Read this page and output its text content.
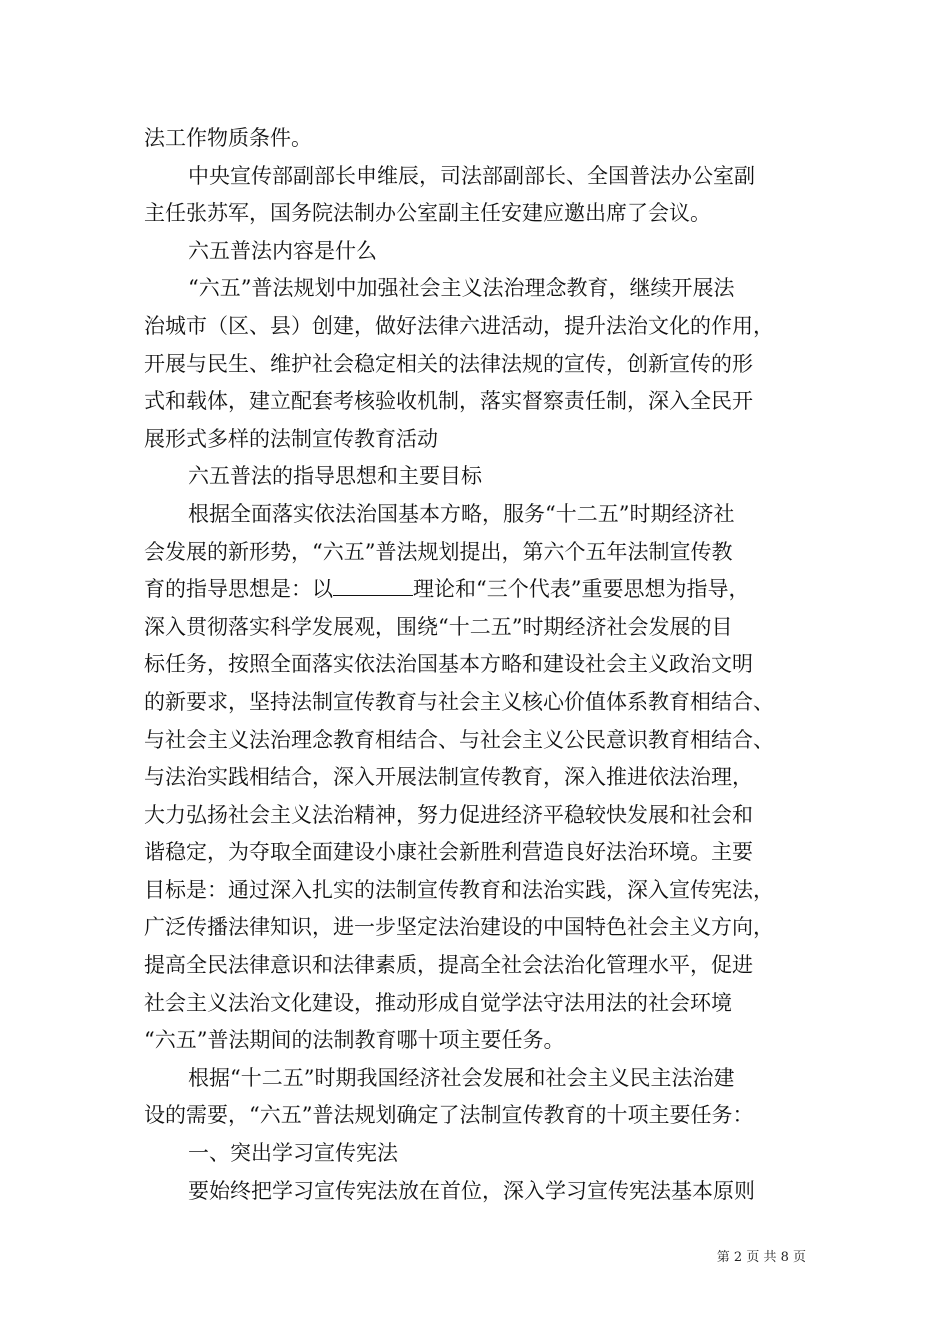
法工作物质条件。
中央宣传部副部长申维辰，司法部副部长、全国普法办公室副
主任张苏军，国务院法制办公室副主任安建应邀出席了会议。
六五普法内容是什么
“六五”普法规划中加强社会主义法治理念教育，继续开展法
治城市（区、县）创建，做好法律六进活动，提升法治文化的作用，
开展与民生、维护社会稳定相关的法律法规的宣传，创新宣传的形
式和载体，建立配套考核验收机制，落实督察责任制，深入全民开
展形式多样的法制宣传教育活动
六五普法的指导思想和主要目标
根据全面落实依法治国基本方略，服务“十二五”时期经济社
会发展的新形势，“六五”普法规划提出，第六个五年法制宣传教
育的指导思想是：以	理论和“三个代表”重要思想为指导，
深入贯彻落实科学发展观，围绕“十二五”时期经济社会发展的目
标任务，按照全面落实依法治国基本方略和建设社会主义政治文明
的新要求，坚持法制宣传教育与社会主义核心价值体系教育相结合、
与社会主义法治理念教育相结合、与社会主义公民意识教育相结合、
与法治实践相结合，深入开展法制宣传教育，深入推进依法治理，
大力弘扬社会主义法治精神，努力促进经济平稳较快发展和社会和
谐稳定，为夺取全面建设小康社会新胜利营造良好法治环境。主要
目标是：通过深入扎实的法制宣传教育和法治实践，深入宣传宪法，
广泛传播法律知识，进一步坚定法治建设的中国特色社会主义方向，
提高全民法律意识和法律素质，提高全社会法治化管理水平，促进
社会主义法治文化建设，推动形成自觉学法守法用法的社会环境
“六五”普法期间的法制教育哪十项主要任务。
根据“十二五”时期我国经济社会发展和社会主义民主法治建
设的需要，“六五”普法规划确定了法制宣传教育的十项主要任务：
一、突出学习宣传宪法
要始终把学习宣传宪法放在首位，深入学习宣传宪法基本原则
第 2 页 共 8 页
